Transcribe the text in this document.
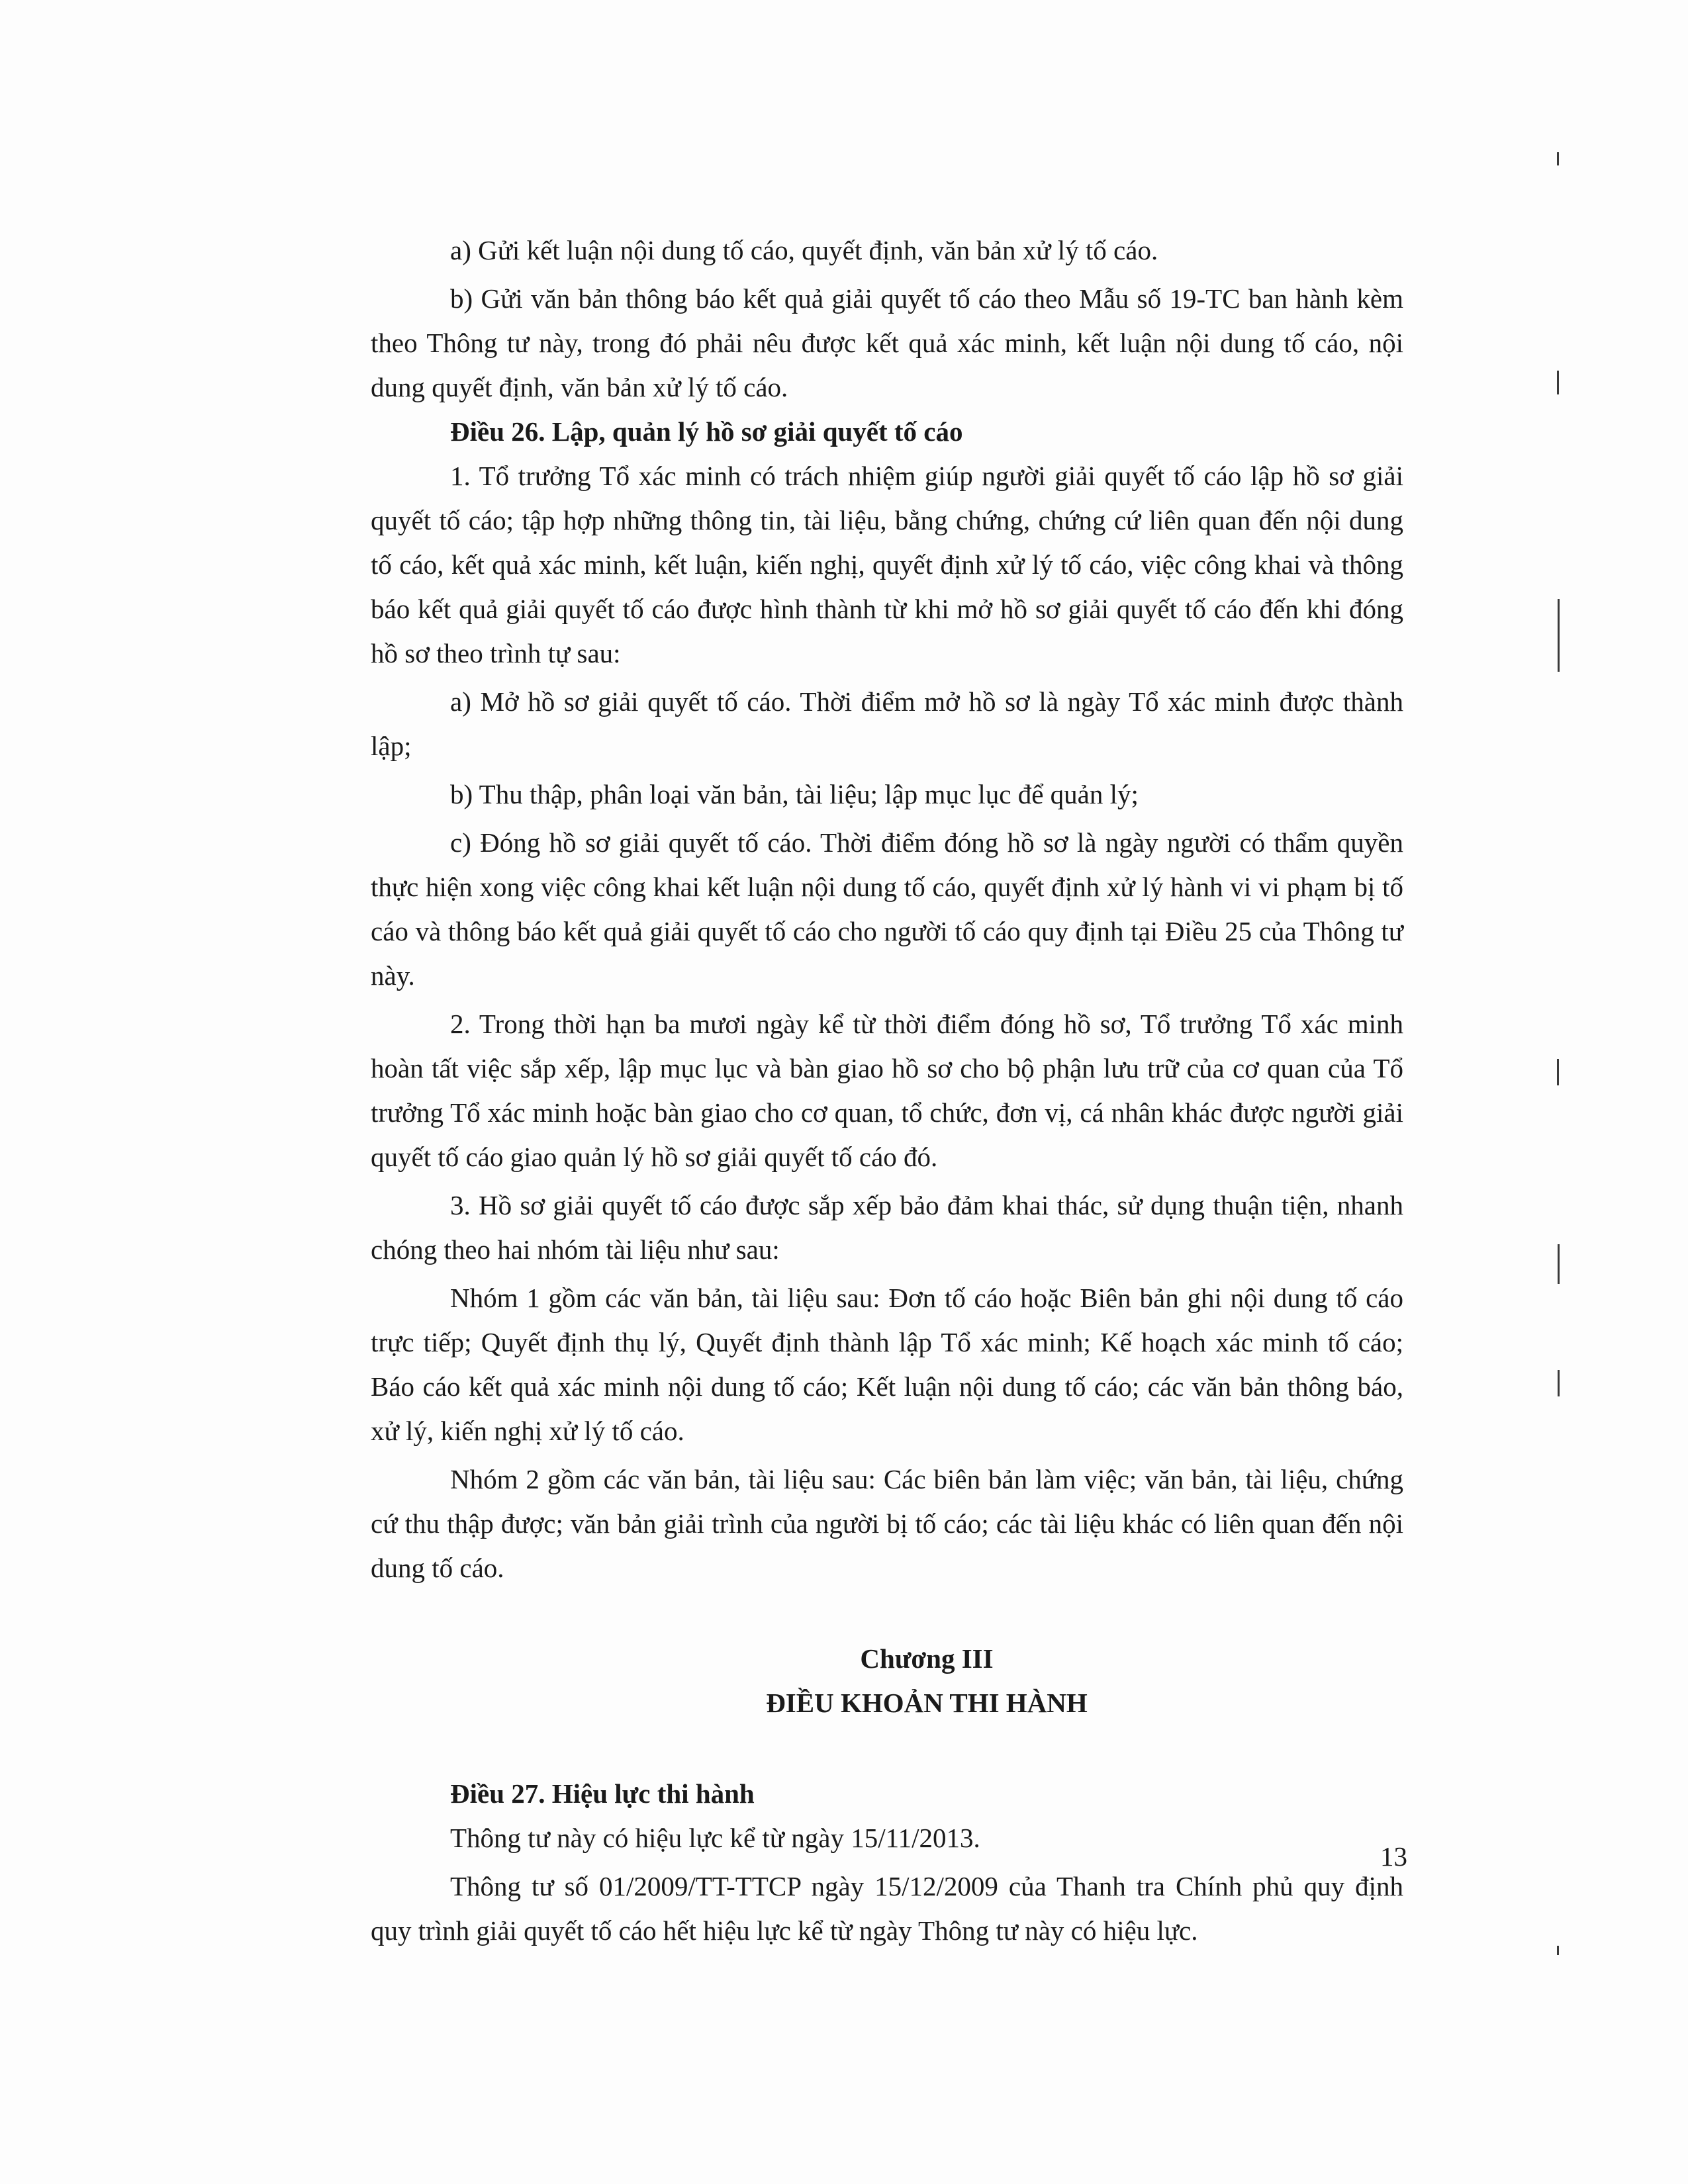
a) Gửi kết luận nội dung tố cáo, quyết định, văn bản xử lý tố cáo.

b) Gửi văn bản thông báo kết quả giải quyết tố cáo theo Mẫu số 19-TC ban hành kèm theo Thông tư này, trong đó phải nêu được kết quả xác minh, kết luận nội dung tố cáo, nội dung quyết định, văn bản xử lý tố cáo.

Điều 26. Lập, quản lý hồ sơ giải quyết tố cáo

1. Tổ trưởng Tổ xác minh có trách nhiệm giúp người giải quyết tố cáo lập hồ sơ giải quyết tố cáo; tập hợp những thông tin, tài liệu, bằng chứng, chứng cứ liên quan đến nội dung tố cáo, kết quả xác minh, kết luận, kiến nghị, quyết định xử lý tố cáo, việc công khai và thông báo kết quả giải quyết tố cáo được hình thành từ khi mở hồ sơ giải quyết tố cáo đến khi đóng hồ sơ theo trình tự sau:

a) Mở hồ sơ giải quyết tố cáo. Thời điểm mở hồ sơ là ngày Tổ xác minh được thành lập;

b) Thu thập, phân loại văn bản, tài liệu; lập mục lục để quản lý;

c) Đóng hồ sơ giải quyết tố cáo. Thời điểm đóng hồ sơ là ngày người có thẩm quyền thực hiện xong việc công khai kết luận nội dung tố cáo, quyết định xử lý hành vi vi phạm bị tố cáo và thông báo kết quả giải quyết tố cáo cho người tố cáo quy định tại Điều 25 của Thông tư này.

2. Trong thời hạn ba mươi ngày kể từ thời điểm đóng hồ sơ, Tổ trưởng Tổ xác minh hoàn tất việc sắp xếp, lập mục lục và bàn giao hồ sơ cho bộ phận lưu trữ của cơ quan của Tổ trưởng Tổ xác minh hoặc bàn giao cho cơ quan, tổ chức, đơn vị, cá nhân khác được người giải quyết tố cáo giao quản lý hồ sơ giải quyết tố cáo đó.

3. Hồ sơ giải quyết tố cáo được sắp xếp bảo đảm khai thác, sử dụng thuận tiện, nhanh chóng theo hai nhóm tài liệu như sau:

Nhóm 1 gồm các văn bản, tài liệu sau: Đơn tố cáo hoặc Biên bản ghi nội dung tố cáo trực tiếp; Quyết định thụ lý, Quyết định thành lập Tổ xác minh; Kế hoạch xác minh tố cáo; Báo cáo kết quả xác minh nội dung tố cáo; Kết luận nội dung tố cáo; các văn bản thông báo, xử lý, kiến nghị xử lý tố cáo.

Nhóm 2 gồm các văn bản, tài liệu sau: Các biên bản làm việc; văn bản, tài liệu, chứng cứ thu thập được; văn bản giải trình của người bị tố cáo; các tài liệu khác có liên quan đến nội dung tố cáo.

Chương III

ĐIỀU KHOẢN THI HÀNH

Điều 27. Hiệu lực thi hành

Thông tư này có hiệu lực kể từ ngày 15/11/2013.

Thông tư số 01/2009/TT-TTCP ngày 15/12/2009 của Thanh tra Chính phủ quy định quy trình giải quyết tố cáo hết hiệu lực kể từ ngày Thông tư này có hiệu lực.

13
